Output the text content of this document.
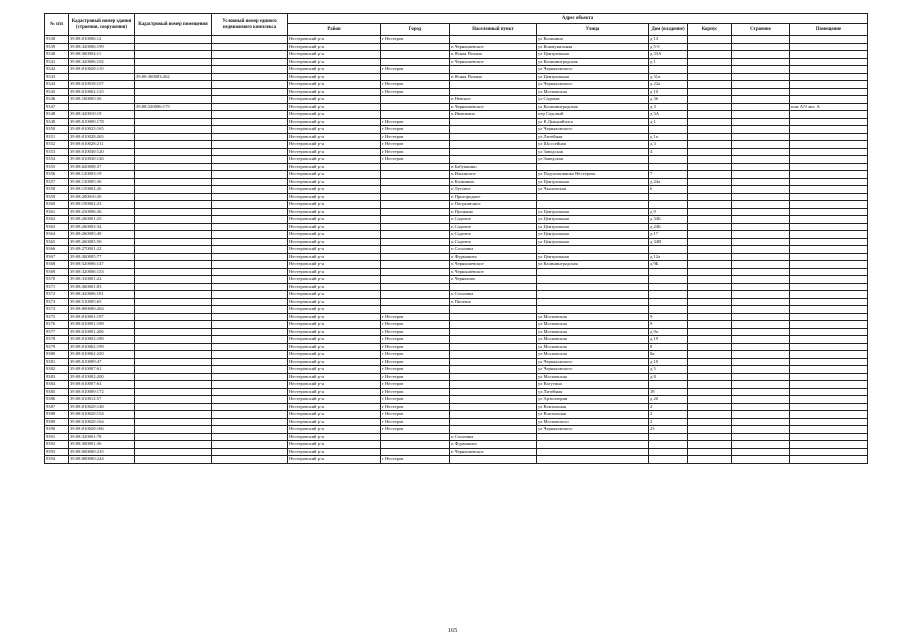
№ п/п	Кадастровый номер здания (строения, сооружения)	Кадастровый номер помещения	Условный номер единого недвижимого комплекса	Адрес объекта							
				Район	Город	Населенный пункт	Улица	Дом (владение)	Корпус	Строение	Помещение
9338	39:08:010006:12			Нестеровский р-н	г Нестеров		ул Калинина	д 13			
9339	39:08:320006:199			Нестеровский р-н		п Чернышевское	ул Коммунальная	д 5-5			
9340	39:08:360004:11			Нестеровский р-н		п Ясная Поляна	ул Центральная	д 33А			
9341	39:08:320006:102			Нестеровский р-н		п Чернышевское	ул Калининградская	д 1			
9342	39:08:010020:110			Нестеровский р-н	г Нестеров		ул Черняховского				
9343		39:08:360003:262		Нестеровский р-н		п Ясная Поляна	ул Центральная	д 31а			
9344	39:08:010018:157			Нестеровский р-н	г Нестеров		ул Черняховского	д 22а			
9345	39:08:010062:125			Нестеровский р-н	г Нестеров		ул Московская	д 10			
9346	39:08:160005:56			Нестеровский р-н		п Невское	ул Садовая	д 36			
9347		39:08:320006:175		Нестеровский р-н		п Чернышевское	ул Калининградская	д 3			пом А/9 лит. А
9348	39:08:320010:19			Нестеровский р-н		п Ивашкино	пер Садовый	д 3А			
9349	39:08:010000:178			Нестеровский р-н	г Нестеров		ул К.Дьяцьяйтиса	д 1			
9350	39:08:010025:165			Нестеровский р-н	г Нестеров		ул Черняховского				
9351	39:08:010028:265			Нестеровский р-н	г Нестеров		ул Литейная	д 1а			
9352	39:08:010028:211			Нестеровский р-н	г Нестеров		ул Шоссейная	д 3			
9353	39:08:010030:120			Нестеровский р-н	г Нестеров		ул Заводская	4			
9354	39:08:010030:126			Нестеровский р-н	г Нестеров		ул Заводская				
9355	39:08:020008:37			Нестеровский р-н		п Бабушкино					
9356	39:08:120003:19			Нестеровский р-н		п Ильинское	ул Подполковника Нестерова	7			
9357	39:08:130005:30			Нестеровский р-н		п Калинино	ул Центральная	д 24а			
9358	39:08:150002:26			Нестеровский р-н		п Луговое	ул Чкаловская	6			
9359	39:08:200010:30			Нестеровский р-н		п Пригородное					
9360	39:08:190002:23			Нестеровский р-н		п Пограничное					
9361	39:08:230006:26			Нестеровский р-н		п Пушкино	ул Центральная	д 9			
9362	39:08:260001:25			Нестеровский р-н		п Садовое	ул Центральная	д 34Б			
9363	39:08:260003:34			Нестеровский р-н		п Садовое	ул Центральная	д 24Б			
9364	39:08:260005:49			Нестеровский р-н		п Садовое	ул Центральная	д 17			
9365	39:08:260005:56			Нестеровский р-н		п Садовое	ул Центральная	д 34В			
9366	39:08:270001:22			Нестеровский р-н		п Сосновка					
9367	39:08:300005:77			Нестеровский р-н		п Фурманово	ул Центральная	д 12а			
9368	39:08:320006:147			Нестеровский р-н		п Чернышевское	ул Калининградская	д 9Б			
9369	39:08:320006:153			Нестеровский р-н		п Чернышевское					
9370	39:08:330001:22			Нестеровский р-н		п Черняхово					
9371	39:08:360001:83			Нестеровский р-н							
9372	39:08:420006:181			Нестеровский р-н		п Сосновка					
9373	39:08:510005:65			Нестеровский р-н		п Пятачно					
9374	39:08:000000:264			Нестеровский р-н							
9375	39:08:010001:197			Нестеровский р-н	г Нестеров		ул Московская	9			
9376	39:08:010001:198			Нестеровский р-н	г Нестеров		ул Московская	9			
9377	39:08:010001:206			Нестеровский р-н	г Нестеров		ул Московская	д 9а			
9378	39:08:010002:189			Нестеровский р-н	г Нестеров		ул Московская	д 19			
9379	39:08:010062:199			Нестеровский р-н	г Нестеров		ул Московская	8			
9380	39:08:010062:220			Нестеровский р-н	г Нестеров		ул Московская	8а			
9381	39:08:010009:47			Нестеровский р-н	г Нестеров		ул Черняховского	д 10			
9382	39:08:010007:61			Нестеровский р-н	г Нестеров		ул Черняховского	д 5			
9383	39:08:010002:200			Нестеровский р-н	г Нестеров		ул Московская	д 8			
9384	39:08:010007:63			Нестеровский р-н	г Нестеров		ул Вагутина				
9385	39:08:010009:172			Нестеровский р-н	г Нестеров		ул Литейная	18			
9386	39:08:010012:57			Нестеровский р-н	г Нестеров		ул Артиллерии	д 20			
9387	39:08:010020:148			Нестеровский р-н	г Нестеров		ул Вокзальная	2			
9388	39:08:010020:154			Нестеровский р-н	г Нестеров		ул Вокзальная	2			
9389	39:08:010020:164			Нестеровский р-н	г Нестеров		ул Московского	2			
9390	39:08:010020:166			Нестеровский р-н	г Нестеров		ул Черняховского	23			
9391	39:08:320001:78			Нестеровский р-н		п Сосновка					
9392	39:08:300001:36			Нестеровский р-н		п Фурманово					
9393	39:08:000000:235			Нестеровский р-н		п Чернышевское					
9394	39:08:000000:244			Нестеровский р-н	г Нестеров						
165
